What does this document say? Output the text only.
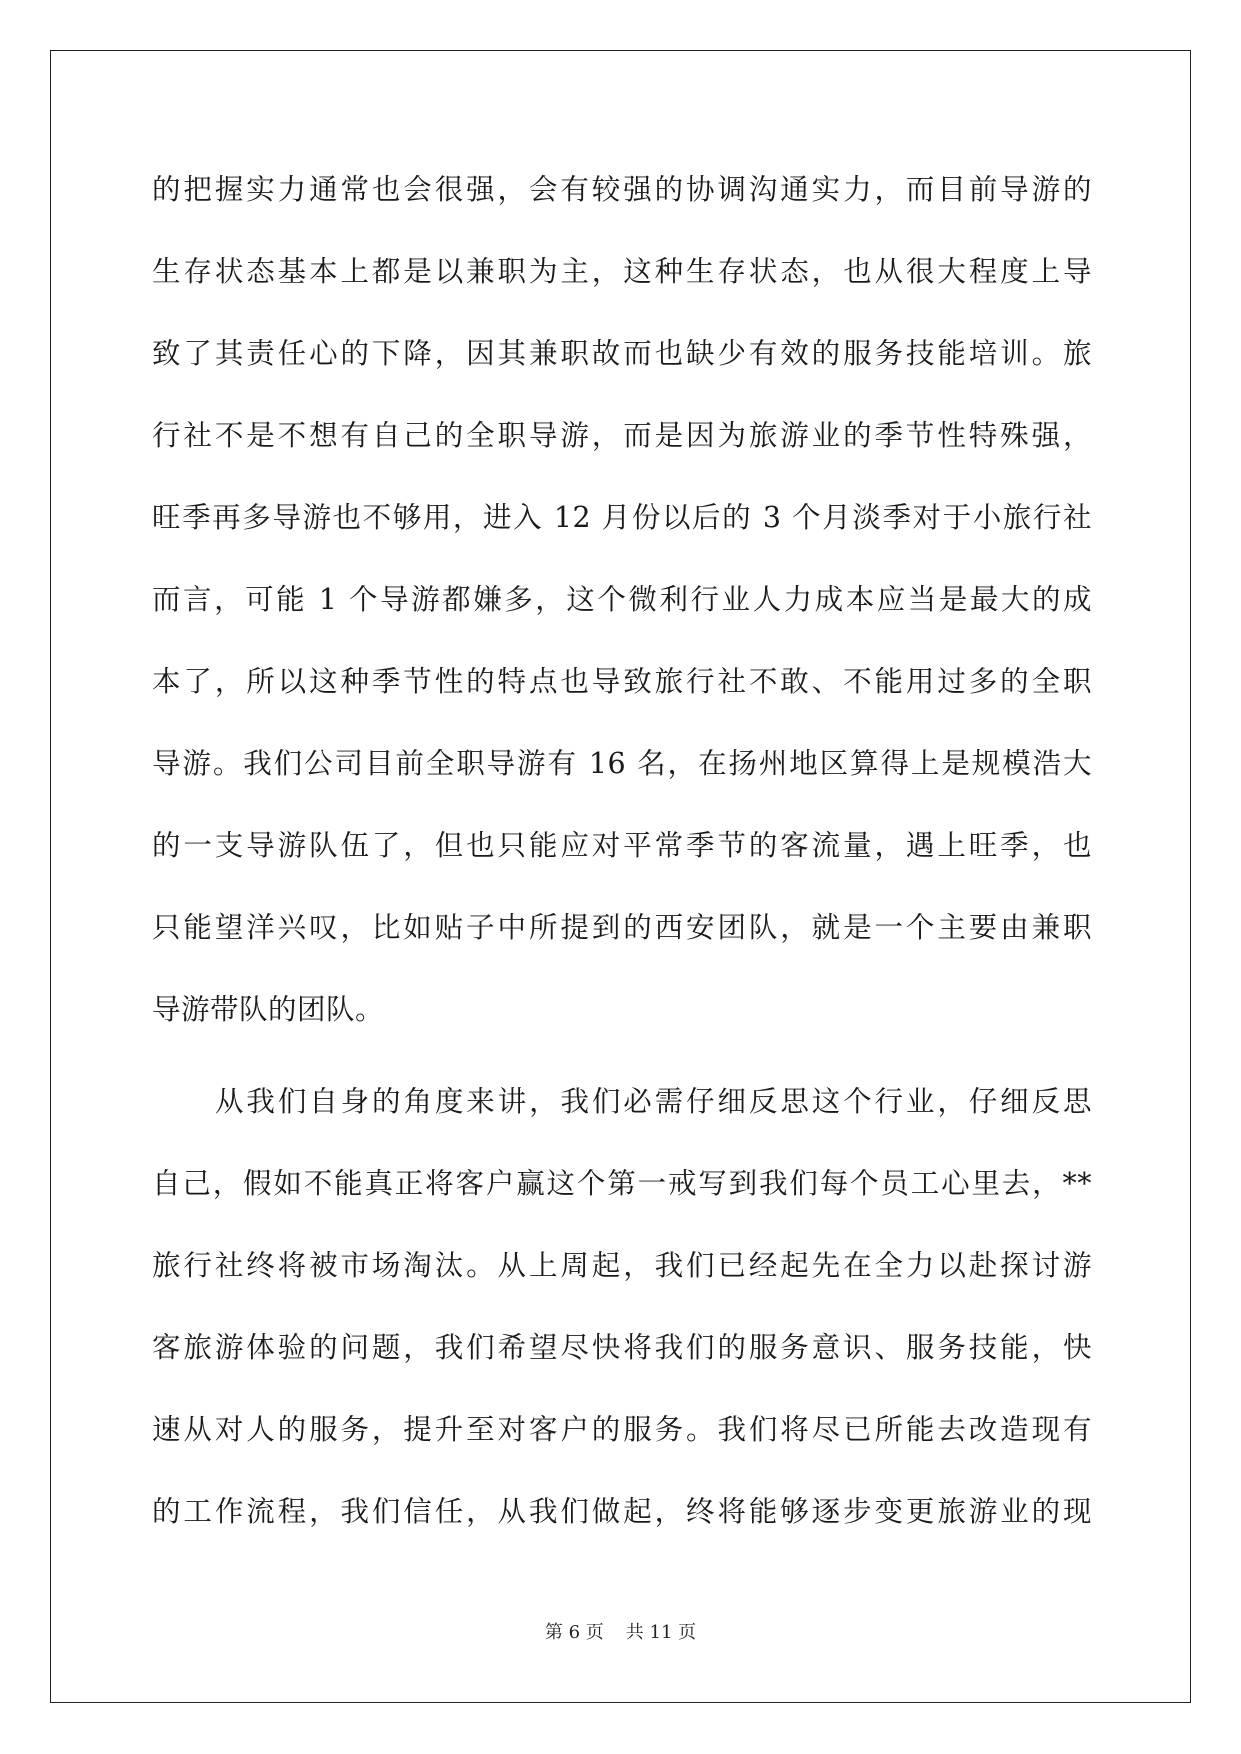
的把握实力通常也会很强，会有较强的协调沟通实力，而目前导游的
生存状态基本上都是以兼职为主，这种生存状态，也从很大程度上导
致了其责任心的下降，因其兼职故而也缺少有效的服务技能培训。旅
行社不是不想有自己的全职导游，而是因为旅游业的季节性特殊强，
旺季再多导游也不够用，进入 12 月份以后的 3 个月淡季对于小旅行社
而言，可能 1 个导游都嫌多，这个微利行业人力成本应当是最大的成
本了，所以这种季节性的特点也导致旅行社不敢、不能用过多的全职
导游。我们公司目前全职导游有 16 名，在扬州地区算得上是规模浩大
的一支导游队伍了，但也只能应对平常季节的客流量，遇上旺季，也
只能望洋兴叹，比如贴子中所提到的西安团队，就是一个主要由兼职
导游带队的团队。
从我们自身的角度来讲，我们必需仔细反思这个行业，仔细反思
自己，假如不能真正将客户赢这个第一戒写到我们每个员工心里去，**
旅行社终将被市场淘汰。从上周起，我们已经起先在全力以赴探讨游
客旅游体验的问题，我们希望尽快将我们的服务意识、服务技能，快
速从对人的服务，提升至对客户的服务。我们将尽已所能去改造现有
的工作流程，我们信任，从我们做起，终将能够逐步变更旅游业的现
第 6 页 共 11 页
